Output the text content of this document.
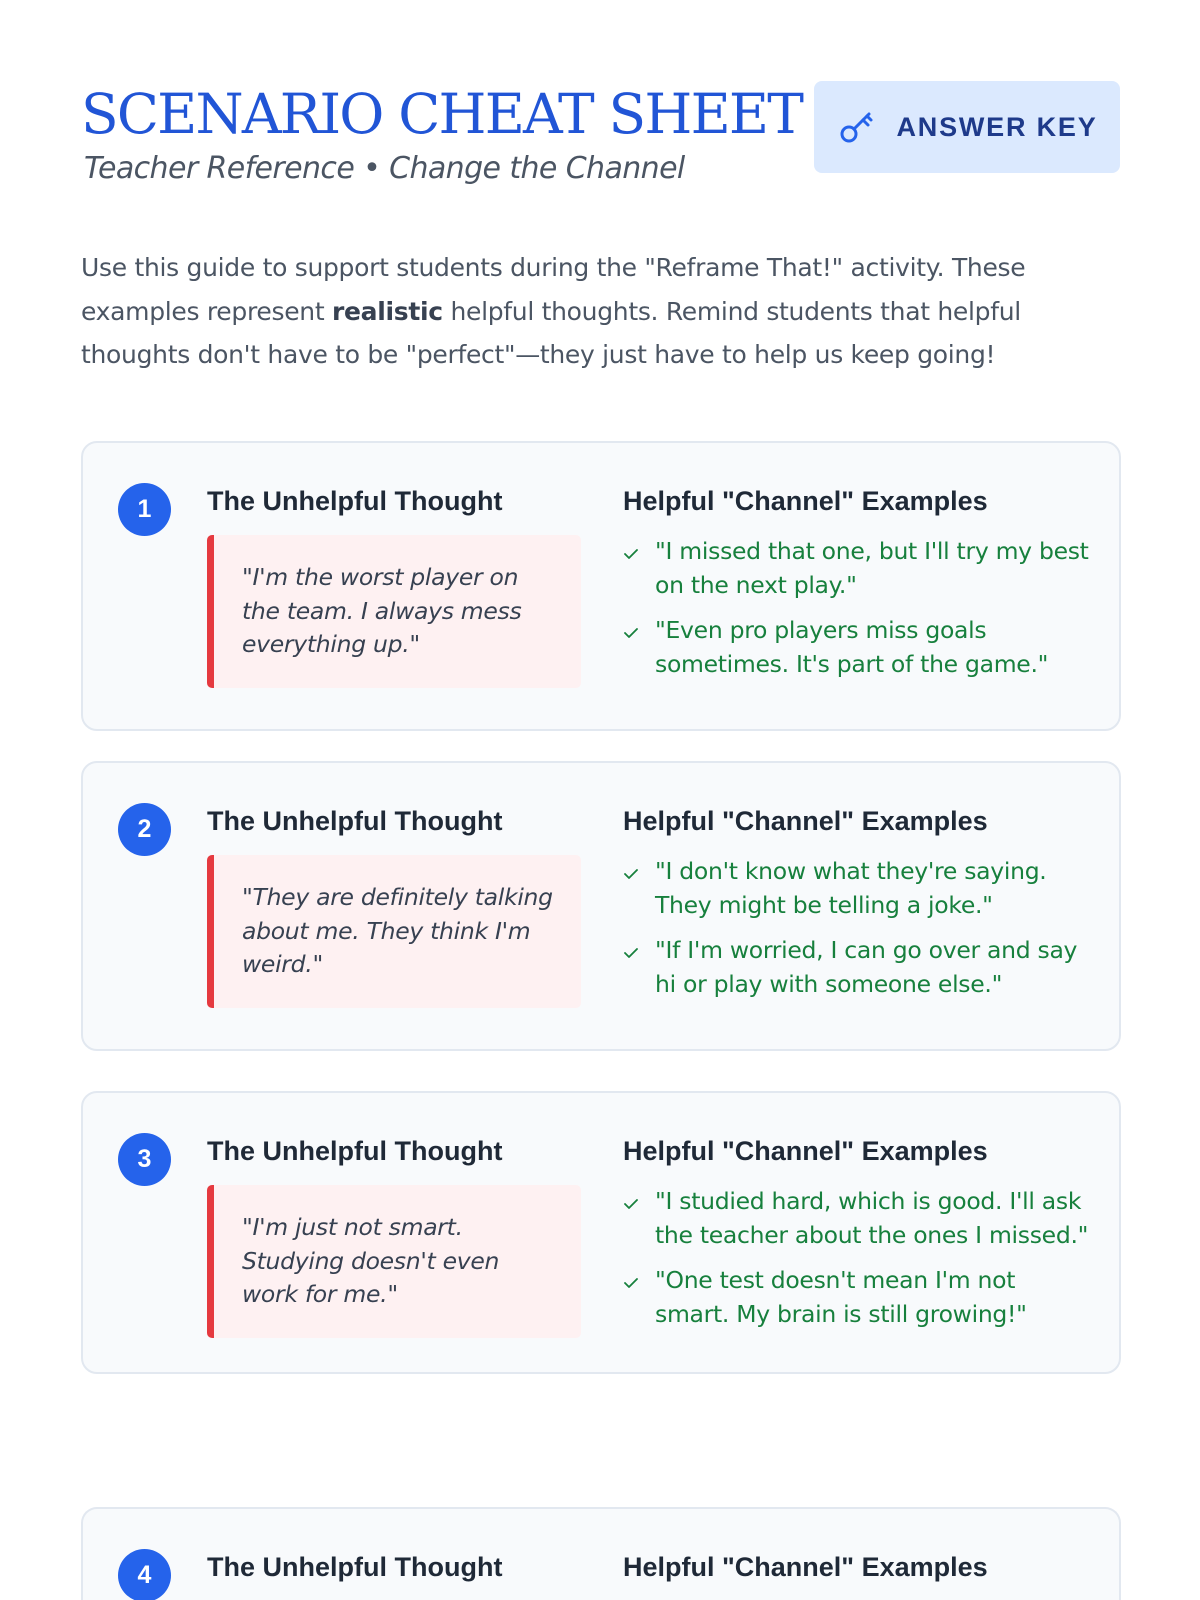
SCENARIO CHEAT SHEET
Teacher Reference • Change the Channel
ANSWER KEY

Use this guide to support students during the "Reframe That!" activity. These examples represent realistic helpful thoughts. Remind students that helpful thoughts don't have to be "perfect"—they just have to help us keep going!

1	The Unhelpful Thought
"I'm the worst player on the team. I always mess everything up."
Helpful "Channel" Examples
"I missed that one, but I'll try my best on the next play."
"Even pro players miss goals sometimes. It's part of the game."
2	The Unhelpful Thought
"They are definitely talking about me. They think I'm weird."
Helpful "Channel" Examples
"I don't know what they're saying. They might be telling a joke."
"If I'm worried, I can go over and say hi or play with someone else."
3	The Unhelpful Thought
"I'm just not smart. Studying doesn't even work for me."
Helpful "Channel" Examples
"I studied hard, which is good. I'll ask the teacher about the ones I missed."
"One test doesn't mean I'm not smart. My brain is still growing!"
4	The Unhelpful Thought	Helpful "Channel" Examples
